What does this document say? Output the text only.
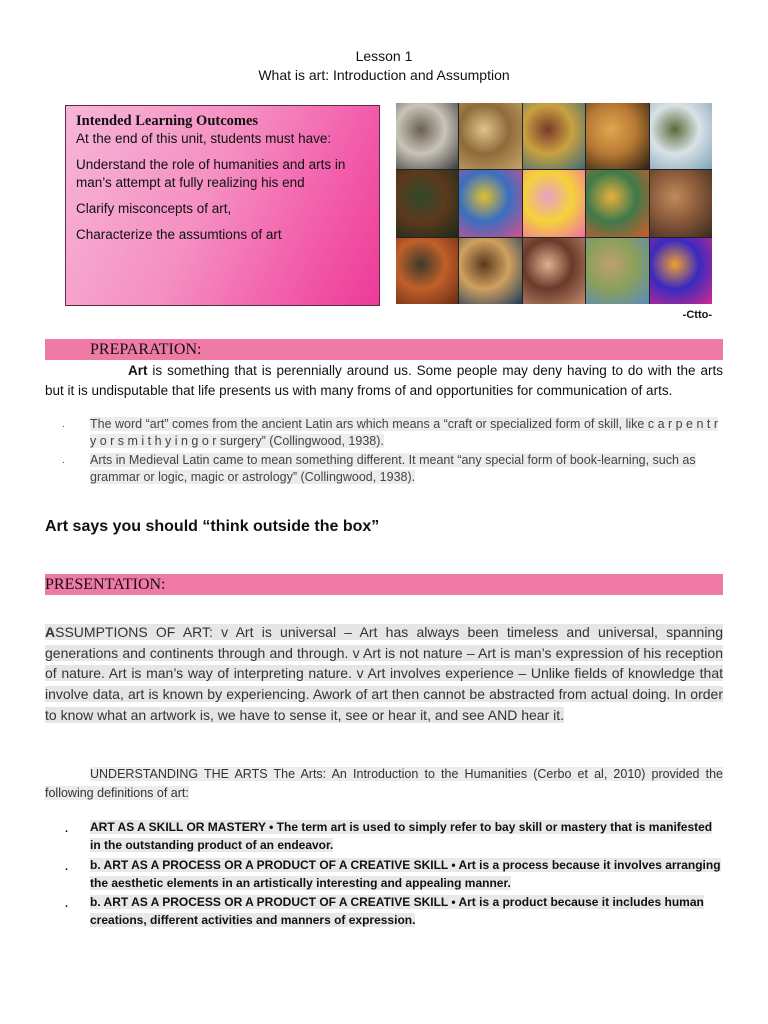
Lesson 1
What is art: Introduction and Assumption
Intended Learning Outcomes

At the end of this unit, students must have:

Understand the role of humanities and arts in man’s attempt at fully realizing his end

Clarify misconcepts of art,

Characterize the assumtions of art

-Ctto-
PREPARATION:
Art is something that is perennially around us. Some people may deny having to do with the arts but it is undisputable that life presents us with many froms of and opportunities for communication of arts.
. The word “art” comes from the ancient Latin ars which means a “craft or specialized form of skill, like c a r p e n t r y o r s m i t h y i n g o r surgery” (Collingwood, 1938).
. Arts in Medieval Latin came to mean something different. It meant “any special form of book-learning, such as grammar or logic, magic or astrology” (Collingwood, 1938).
Art says you should “think outside the box”
PRESENTATION:
ASSUMPTIONS OF ART: v Art is universal – Art has always been timeless and universal, spanning generations and continents through and through. v Art is not nature – Art is man’s expression of his reception of nature. Art is man’s way of interpreting nature. v Art involves experience – Unlike fields of knowledge that involve data, art is known by experiencing. Awork of art then cannot be abstracted from actual doing. In order to know what an artwork is, we have to sense it, see or hear it, and see AND hear it.
UNDERSTANDING THE ARTS The Arts: An Introduction to the Humanities (Cerbo et al, 2010) provided the following definitions of art:
. ART AS A SKILL OR MASTERY • The term art is used to simply refer to bay skill or mastery that is manifested in the outstanding product of an endeavor.
. b. ART AS A PROCESS OR A PRODUCT OF A CREATIVE SKILL • Art is a process because it involves arranging the aesthetic elements in an artistically interesting and appealing manner.
. b. ART AS A PROCESS OR A PRODUCT OF A CREATIVE SKILL • Art is a product because it includes human creations, different activities and manners of expression.
